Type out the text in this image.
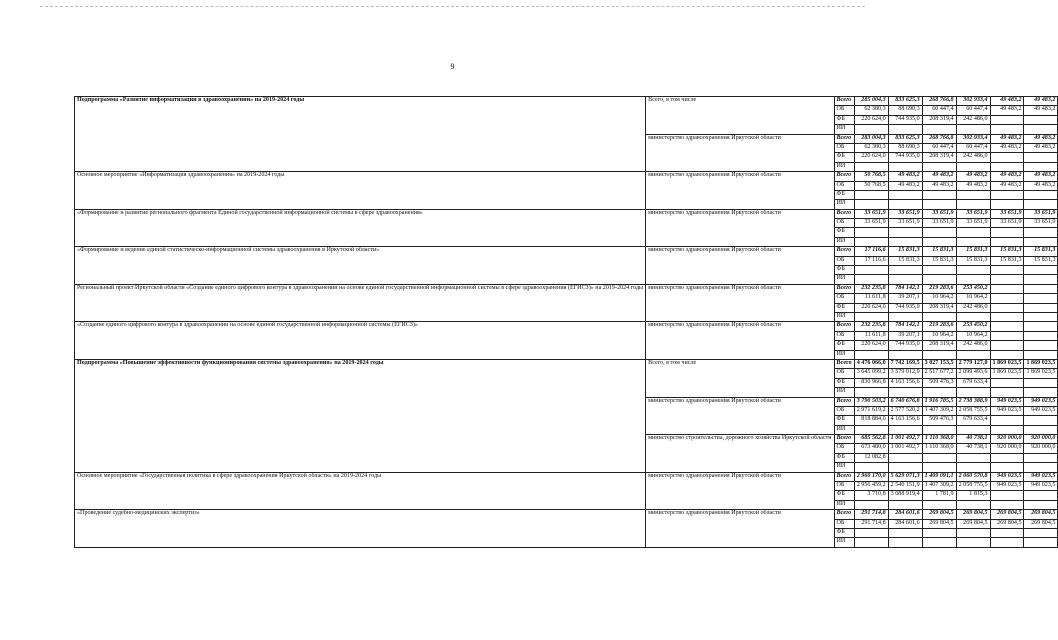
9
Подпрограмма «Развитие информатизации в здравоохранении» на 2019-2024 годы	Всего, в том числе	Всего	285 004,3	833 625,3	268 766,8	302 933,4	49 483,2	49 483,2
		ОБ	62 380,3	88 690,3	60 447,4	60 447,4	49 483,2	49 483,2
		ФБ	220 624,0	744 935,0	208 319,4	242 486,0		
		ИИ						
	министерство здравоохранения Иркутской области	Всего	283 004,3	833 625,3	268 766,8	302 933,4	49 483,2	49 483,2
		ОБ	62 380,3	88 690,3	60 447,4	60 447,4	49 483,2	49 483,2
		ФБ	220 624,0	744 935,0	208 319,4	242 486,0		
		ИИ						
Основное мероприятие «Информатизация здравоохранения» на 2019-2024 годы	министерство здравоохранения Иркутской области	Всего	50 768,5	49 483,2	49 483,2	49 483,2	49 483,2	49 483,2
		ОБ	50 768,5	49 483,2	49 483,2	49 483,2	49 483,2	49 483,2
		ФБ						
		ИИ						
«Формирование и развитие регионального фрагмента Единой государственной информационной системы в сфере здравоохранения»	министерство здравоохранения Иркутской области	Всего	33 651,9	33 651,9	33 651,9	33 651,9	33 651,9	33 651,9
		ОБ	33 651,9	33 651,9	33 651,9	33 651,9	33 651,9	33 651,9
		ФБ						
		ИИ						
«Формирование и ведение единой статистическо-информационной системы здравоохранения в Иркутской области»	министерство здравоохранения Иркутской области	Всего	17 116,6	15 831,3	15 831,3	15 831,3	15 831,3	15 831,3
		ОБ	17 116,6	15 831,3	15 831,3	15 831,3	15 831,3	15 831,3
		ФБ						
		ИИ						
Региональный проект Иркутской области «Создание единого цифрового контура в здравоохранении на основе единой государственной информационной системы в сфере здравоохранения (ЕГИСЗ)» на 2019-2024 годы	министерство здравоохранения Иркутской области	Всего	232 235,8	784 142,1	219 283,6	253 450,2		
		ОБ	11 611,8	39 207,1	10 964,2	10 964,2		
		ФБ	220 624,0	744 935,0	208 319,4	242 486,0		
		ИИ						
«Создание единого цифрового контура в здравоохранении на основе единой государственной информационной системы (ЕГИСЗ)»	министерство здравоохранения Иркутской области	Всего	232 235,8	784 142,1	219 283,6	253 450,2		
		ОБ	11 611,8	39 207,1	10 964,2	10 964,2		
		ФБ	220 624,0	744 935,0	208 319,4	242 486,0		
		ИИ						
Подпрограмма «Повышение эффективности функционирования системы здравоохранения» на 2019-2024 годы	Всего, в том числе	Всего	4 476 066,0	7 742 169,5	3 027 153,5	2 779 127,0	1 869 023,5	1 869 023,5
		ОБ	3 645 099,2	3 579 012,9	2 517 677,2	2 099 493,6	1 869 023,5	1 869 023,5
		ФБ	830 966,8	4 163 156,6	509 476,3	679 633,4		
		ИИ						
	министерство здравоохранения Иркутской области	Всего	3 790 503,2	6 740 676,8	1 916 785,5	2 738 388,9	949 023,5	949 023,5
		ОБ	2 971 619,2	2 577 520,2	1 407 309,2	2 058 755,5	949 023,5	949 023,5
		ФБ	818 884,0	4 163 156,6	509 476,3	679 633,4		
		ИИ						
	министерство строительства, дорожного хозяйства Иркутской области	Всего	685 562,8	1 001 492,7	1 110 368,0	40 738,1	920 000,0	920 000,0
		ОБ	673 480,0	1 001 492,7	1 110 368,0	40 738,1	920 000,0	920 000,0
		ФБ	12 082,8					
		ИИ						
Основное мероприятие «Государственная политика в сфере здравоохранения Иркутской области» на 2019-2024 годы	министерство здравоохранения Иркутской области	Всего	2 960 170,0	5 629 071,3	1 409 091,1	2 060 570,8	949 023,5	949 023,5
		ОБ	2 956 459,2	2 540 151,9	1 407 309,2	2 058 755,5	949 023,5	949 023,5
		ФБ	3 710,8	3 088 919,4	1 781,9	1 815,3		
		ИИ						
«Проведение судебно-медицинских экспертиз»	министерство здравоохранения Иркутской области	Всего	291 714,8	284 601,6	269 804,5	269 804,5	269 804,5	269 804,5
		ОБ	291 714,8	284 601,6	269 804,5	269 804,5	269 804,5	269 804,5
		ФБ						
		ИИ						
